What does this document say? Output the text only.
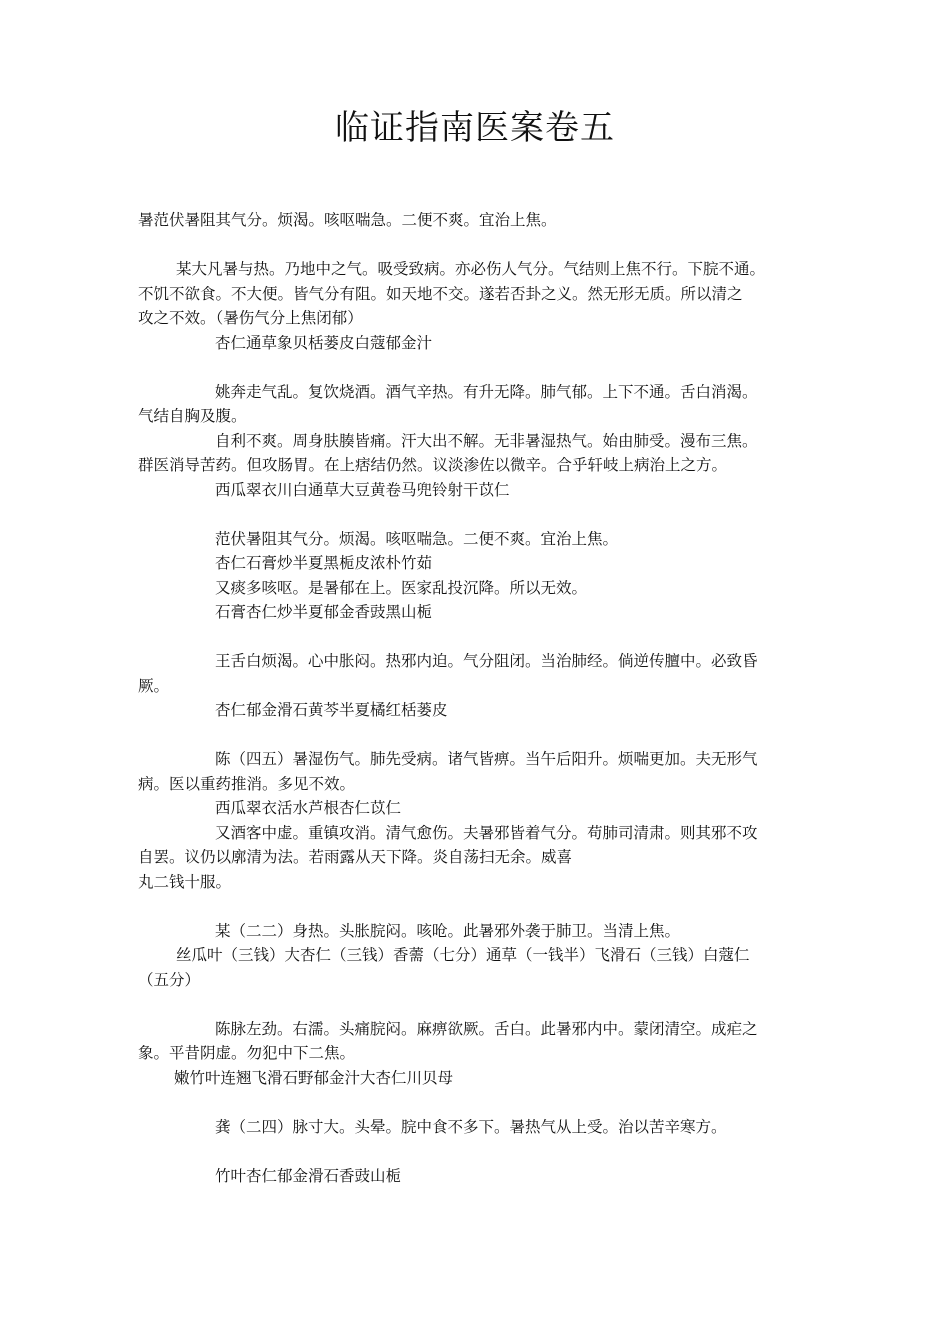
临证指南医案卷五
暑范伏暑阻其气分。烦渴。咳呕喘急。二便不爽。宜治上焦。
某大凡暑与热。乃地中之气。吸受致病。亦必伤人气分。气结则上焦不行。下脘不通。
不饥不欲食。不大便。皆气分有阻。如天地不交。遂若否卦之义。然无形无质。所以清之
攻之不效。（暑伤气分上焦闭郁）
杏仁通草象贝栝蒌皮白蔻郁金汁
姚奔走气乱。复饮烧酒。酒气辛热。有升无降。肺气郁。上下不通。舌白消渴。
气结自胸及腹。
自利不爽。周身肤腠皆痛。汗大出不解。无非暑湿热气。始由肺受。漫布三焦。
群医消导苦药。但攻肠胃。在上痞结仍然。议淡渗佐以微辛。合乎轩岐上病治上之方。
西瓜翠衣川白通草大豆黄卷马兜铃射干苡仁
范伏暑阻其气分。烦渴。咳呕喘急。二便不爽。宜治上焦。
杏仁石膏炒半夏黑栀皮浓朴竹茹
又痰多咳呕。是暑郁在上。医家乱投沉降。所以无效。
石膏杏仁炒半夏郁金香豉黑山栀
王舌白烦渴。心中胀闷。热邪内迫。气分阻闭。当治肺经。倘逆传膻中。必致昏
厥。
杏仁郁金滑石黄芩半夏橘红栝蒌皮
陈（四五）暑湿伤气。肺先受病。诸气皆痹。当午后阳升。烦喘更加。夫无形气
病。医以重药推消。多见不效。
西瓜翠衣活水芦根杏仁苡仁
又酒客中虚。重镇攻消。清气愈伤。夫暑邪皆着气分。苟肺司清肃。则其邪不攻
自罢。议仍以廓清为法。若雨露从天下降。炎自荡扫无余。威喜
丸二钱十服。
某（二二）身热。头胀脘闷。咳呛。此暑邪外袭于肺卫。当清上焦。
丝瓜叶（三钱）大杏仁（三钱）香薷（七分）通草（一钱半）飞滑石（三钱）白蔻仁
（五分）
陈脉左劲。右濡。头痛脘闷。麻痹欲厥。舌白。此暑邪内中。蒙闭清空。成疟之
象。平昔阴虚。勿犯中下二焦。
嫩竹叶连翘飞滑石野郁金汁大杏仁川贝母
龚（二四）脉寸大。头晕。脘中食不多下。暑热气从上受。治以苦辛寒方。
竹叶杏仁郁金滑石香豉山栀
